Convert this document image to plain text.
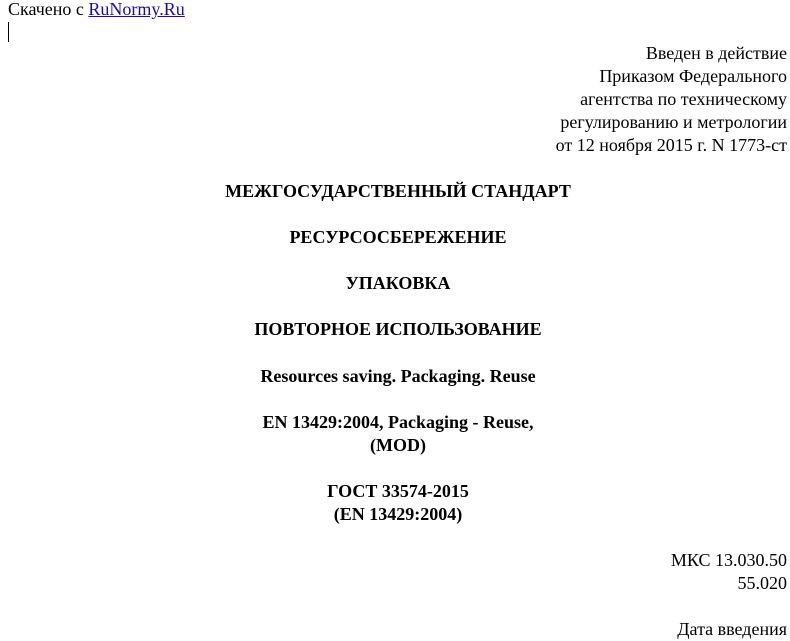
Скачено с RuNormy.Ru
Введен в действие
Приказом Федерального
агентства по техническому
регулированию и метрологии
от 12 ноября 2015 г. N 1773-ст
МЕЖГОСУДАРСТВЕННЫЙ СТАНДАРТ
РЕСУРСОСБЕРЕЖЕНИЕ
УПАКОВКА
ПОВТОРНОЕ ИСПОЛЬЗОВАНИЕ
Resources saving. Packaging. Reuse
EN 13429:2004, Packaging - Reuse,
(MOD)
ГОСТ 33574-2015
(EN 13429:2004)
МКС 13.030.50
55.020
Дата введения
